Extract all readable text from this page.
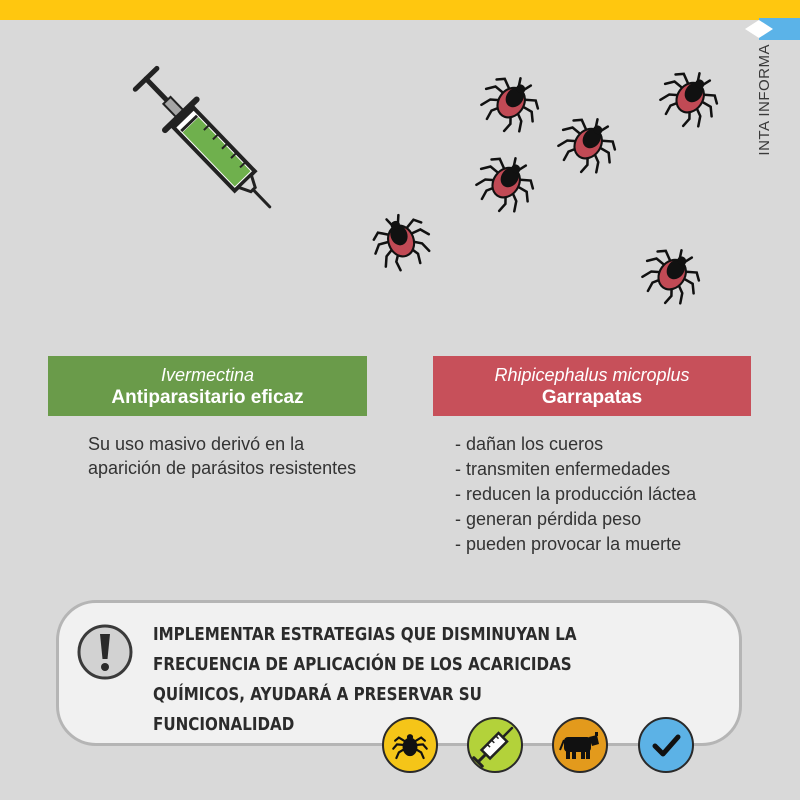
INTA INFORMA
Ivermectina
Antiparasitario eficaz
Rhipicephalus microplus
Garrapatas
Su uso masivo derivó en la aparición de parásitos resistentes
- dañan los cueros
- transmiten enfermedades
- reducen la producción láctea
- generan pérdida peso
- pueden provocar la muerte
IMPLEMENTAR ESTRATEGIAS QUE DISMINUYAN LA FRECUENCIA DE APLICACIÓN DE LOS ACARICIDAS QUÍMICOS, AYUDARÁ A PRESERVAR SU FUNCIONALIDAD
